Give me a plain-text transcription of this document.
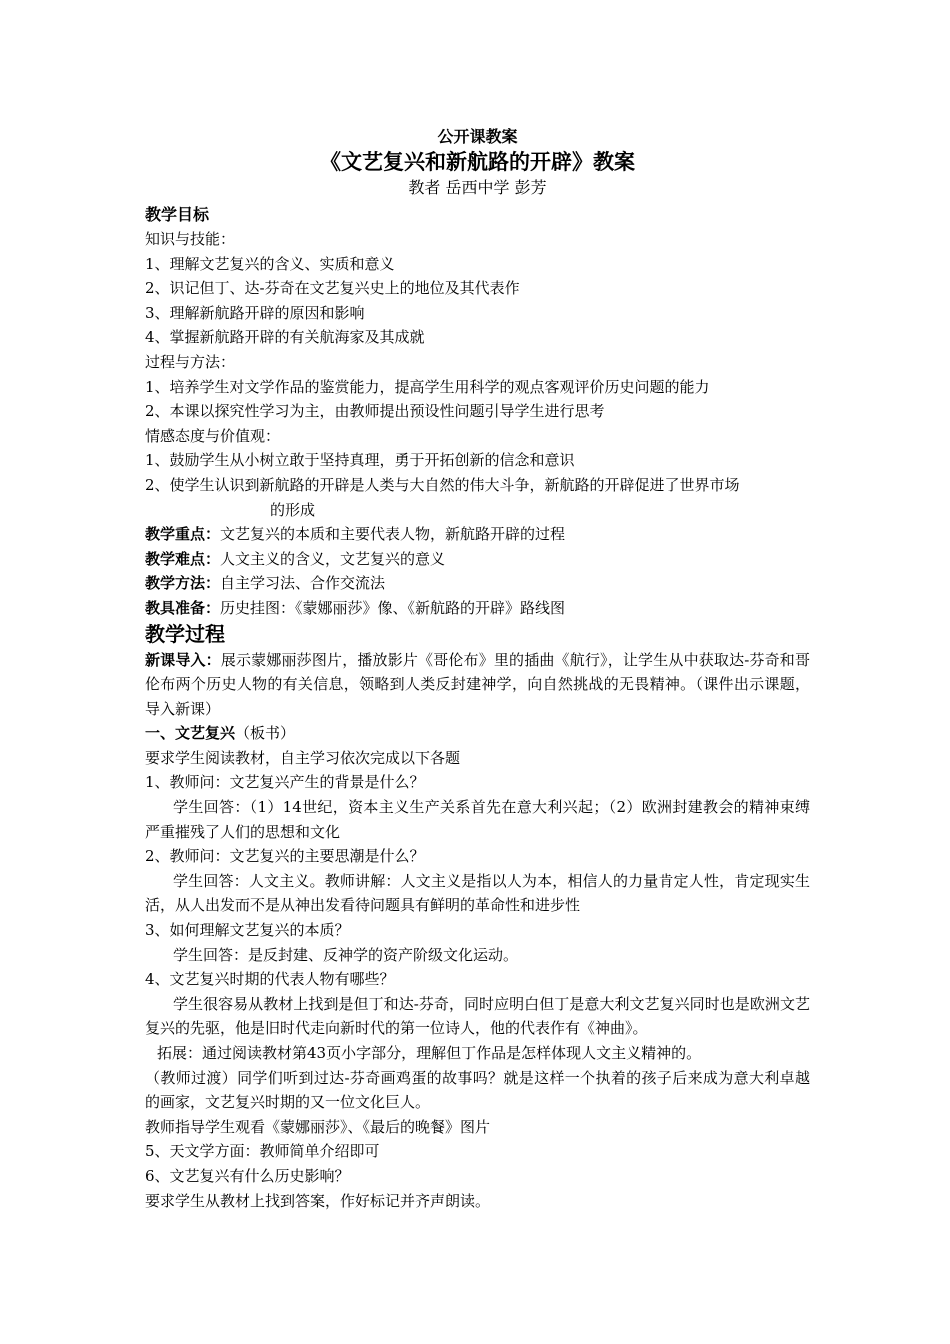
公开课教案
《文艺复兴和新航路的开辟》教案
教者 岳西中学 彭芳
教学目标
知识与技能：
1、理解文艺复兴的含义、实质和意义
2、识记但丁、达-芬奇在文艺复兴史上的地位及其代表作
3、理解新航路开辟的原因和影响
4、掌握新航路开辟的有关航海家及其成就
过程与方法：
1、培养学生对文学作品的鉴赏能力，提高学生用科学的观点客观评价历史问题的能力
2、本课以探究性学习为主，由教师提出预设性问题引导学生进行思考
情感态度与价值观：
1、鼓励学生从小树立敢于坚持真理，勇于开拓创新的信念和意识
2、使学生认识到新航路的开辟是人类与大自然的伟大斗争，新航路的开辟促进了世界市场
的形成
教学重点：文艺复兴的本质和主要代表人物，新航路开辟的过程
教学难点：人文主义的含义，文艺复兴的意义
教学方法：自主学习法、合作交流法
教具准备：历史挂图：《蒙娜丽莎》像、《新航路的开辟》路线图
教学过程
新课导入：展示蒙娜丽莎图片，播放影片《哥伦布》里的插曲《航行》，让学生从中获取达-芬奇和哥伦布两个历史人物的有关信息，领略到人类反封建神学，向自然挑战的无畏精神。（课件出示课题，导入新课）
一、文艺复兴（板书）
要求学生阅读教材，自主学习依次完成以下各题
1、教师问：文艺复兴产生的背景是什么？
学生回答：（1）14世纪，资本主义生产关系首先在意大利兴起；（2）欧洲封建教会的精神束缚严重摧残了人们的思想和文化
2、教师问：文艺复兴的主要思潮是什么？
学生回答：人文主义。教师讲解：人文主义是指以人为本，相信人的力量肯定人性，肯定现实生活，从人出发而不是从神出发看待问题具有鲜明的革命性和进步性
3、如何理解文艺复兴的本质？
学生回答：是反封建、反神学的资产阶级文化运动。
4、文艺复兴时期的代表人物有哪些？
学生很容易从教材上找到是但丁和达-芬奇，同时应明白但丁是意大利文艺复兴同时也是欧洲文艺复兴的先驱，他是旧时代走向新时代的第一位诗人，他的代表作有《神曲》。
拓展：通过阅读教材第43页小字部分，理解但丁作品是怎样体现人文主义精神的。
（教师过渡）同学们听到过达-芬奇画鸡蛋的故事吗？就是这样一个执着的孩子后来成为意大利卓越的画家，文艺复兴时期的又一位文化巨人。
教师指导学生观看《蒙娜丽莎》、《最后的晚餐》图片
5、天文学方面：教师简单介绍即可
6、文艺复兴有什么历史影响？
要求学生从教材上找到答案，作好标记并齐声朗读。
